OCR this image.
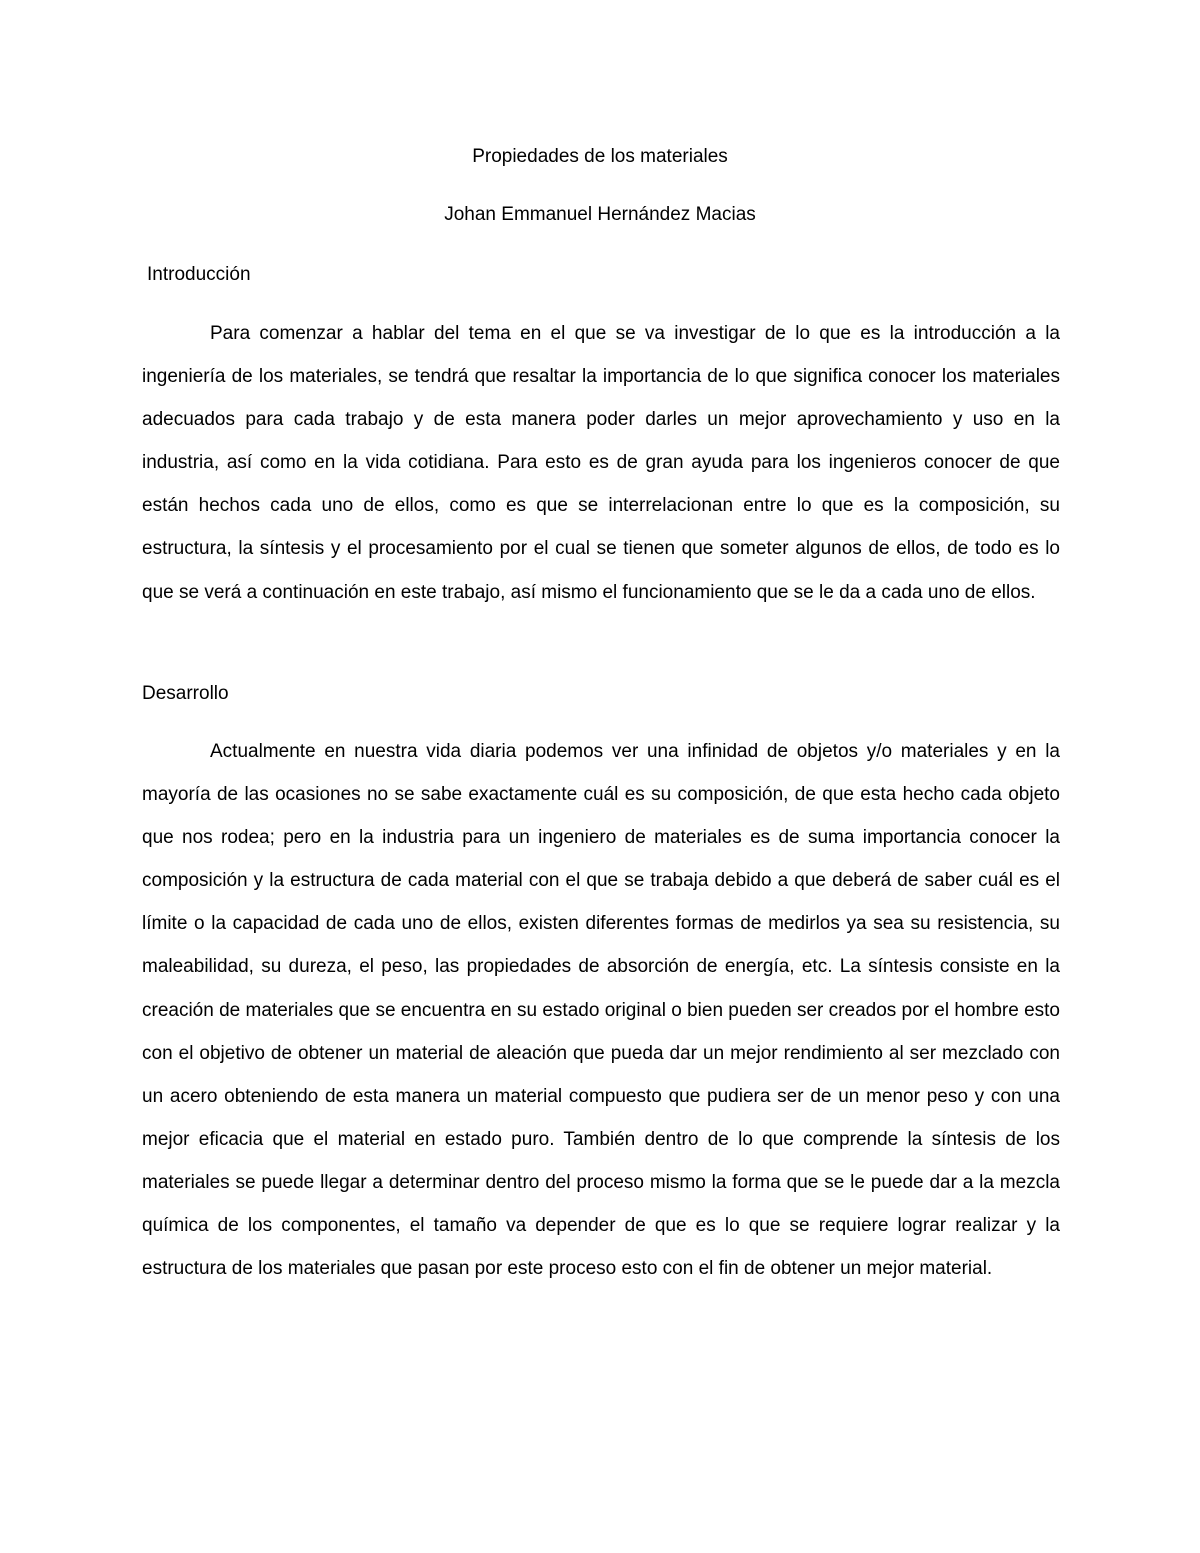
Propiedades de los materiales
Johan Emmanuel Hernández Macias
Introducción

Para comenzar a hablar del tema en el que se va investigar de lo que es la introducción a la ingeniería de los materiales, se tendrá que resaltar la importancia de lo que significa conocer los materiales adecuados para cada trabajo y de esta manera poder darles un mejor aprovechamiento y uso en la industria, así como en la vida cotidiana. Para esto es de gran ayuda para los ingenieros conocer de que están hechos cada uno de ellos, como es que se interrelacionan entre lo que es la composición, su estructura, la síntesis y el procesamiento por el cual se tienen que someter algunos de ellos, de todo es lo que se verá a continuación en este trabajo, así mismo el funcionamiento que se le da a cada uno de ellos.

Desarrollo

Actualmente en nuestra vida diaria podemos ver una infinidad de objetos y/o materiales y en la mayoría de las ocasiones no se sabe exactamente cuál es su composición, de que esta hecho cada objeto que nos rodea; pero en la industria para un ingeniero de materiales es de suma importancia conocer la composición y la estructura de cada material con el que se trabaja debido a que deberá de saber cuál es el límite o la capacidad de cada uno de ellos, existen diferentes formas de medirlos ya sea su resistencia, su maleabilidad, su dureza, el peso, las propiedades de absorción de energía, etc. La síntesis consiste en la creación de materiales que se encuentra en su estado original o bien pueden ser creados por el hombre esto con el objetivo de obtener un material de aleación que pueda dar un mejor rendimiento al ser mezclado con un acero obteniendo de esta manera un material compuesto que pudiera ser de un menor peso y con una mejor eficacia que el material en estado puro. También dentro de lo que comprende la síntesis de los materiales se puede llegar a determinar dentro del proceso mismo la forma que se le puede dar a la mezcla química de los componentes, el tamaño va depender de que es lo que se requiere lograr realizar y la estructura de los materiales que pasan por este proceso esto con el fin de obtener un mejor material.
